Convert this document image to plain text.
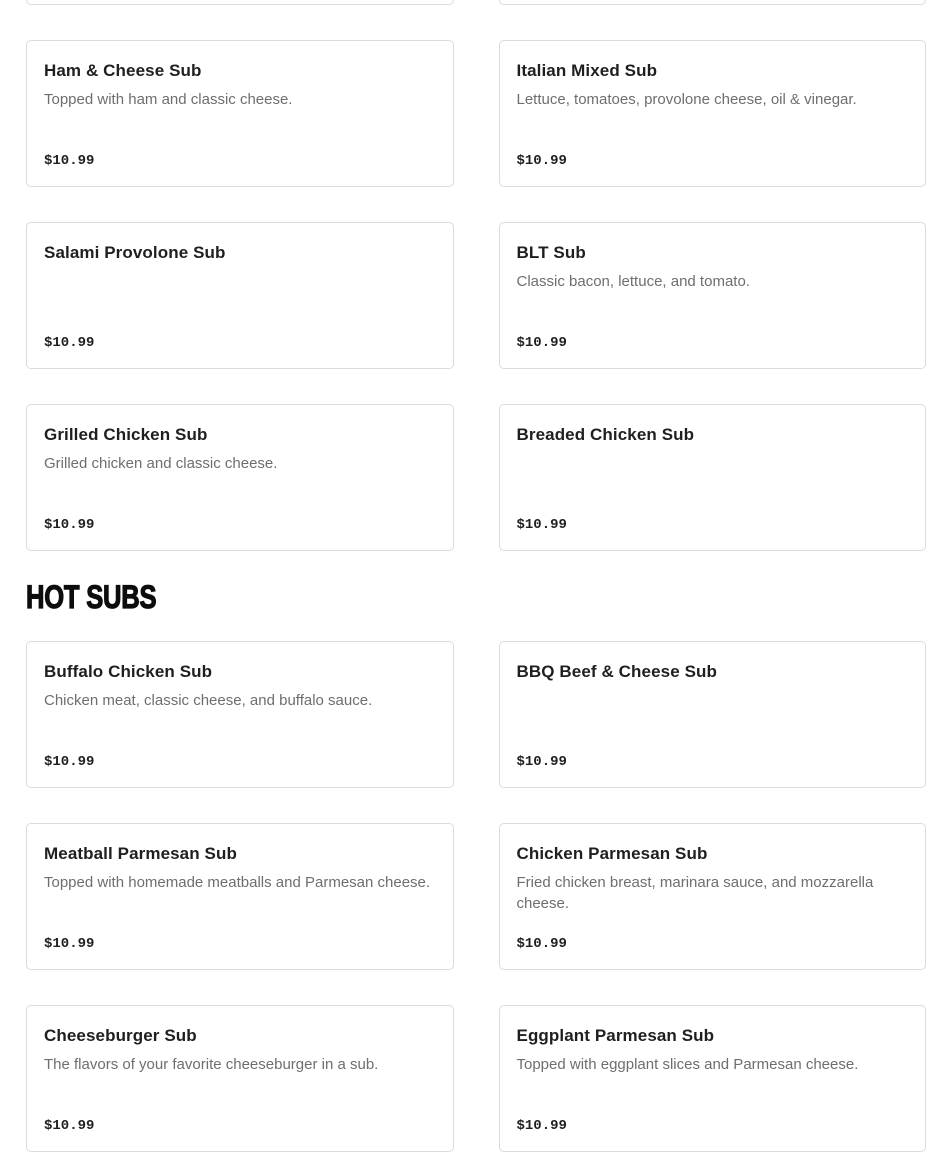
Ham & Cheese Sub

Topped with ham and classic cheese.

$10.99
Italian Mixed Sub

Lettuce, tomatoes, provolone cheese, oil & vinegar.

$10.99
Salami Provolone Sub
$10.99
BLT Sub

Classic bacon, lettuce, and tomato.

$10.99
Grilled Chicken Sub

Grilled chicken and classic cheese.

$10.99
Breaded Chicken Sub
$10.99
HOT SUBS
Buffalo Chicken Sub

Chicken meat, classic cheese, and buffalo sauce.

$10.99
BBQ Beef & Cheese Sub
$10.99
Meatball Parmesan Sub

Topped with homemade meatballs and Parmesan cheese.

$10.99
Chicken Parmesan Sub

Fried chicken breast, marinara sauce, and mozzarella cheese.

$10.99
Cheeseburger Sub

The flavors of your favorite cheeseburger in a sub.

$10.99
Eggplant Parmesan Sub

Topped with eggplant slices and Parmesan cheese.

$10.99
